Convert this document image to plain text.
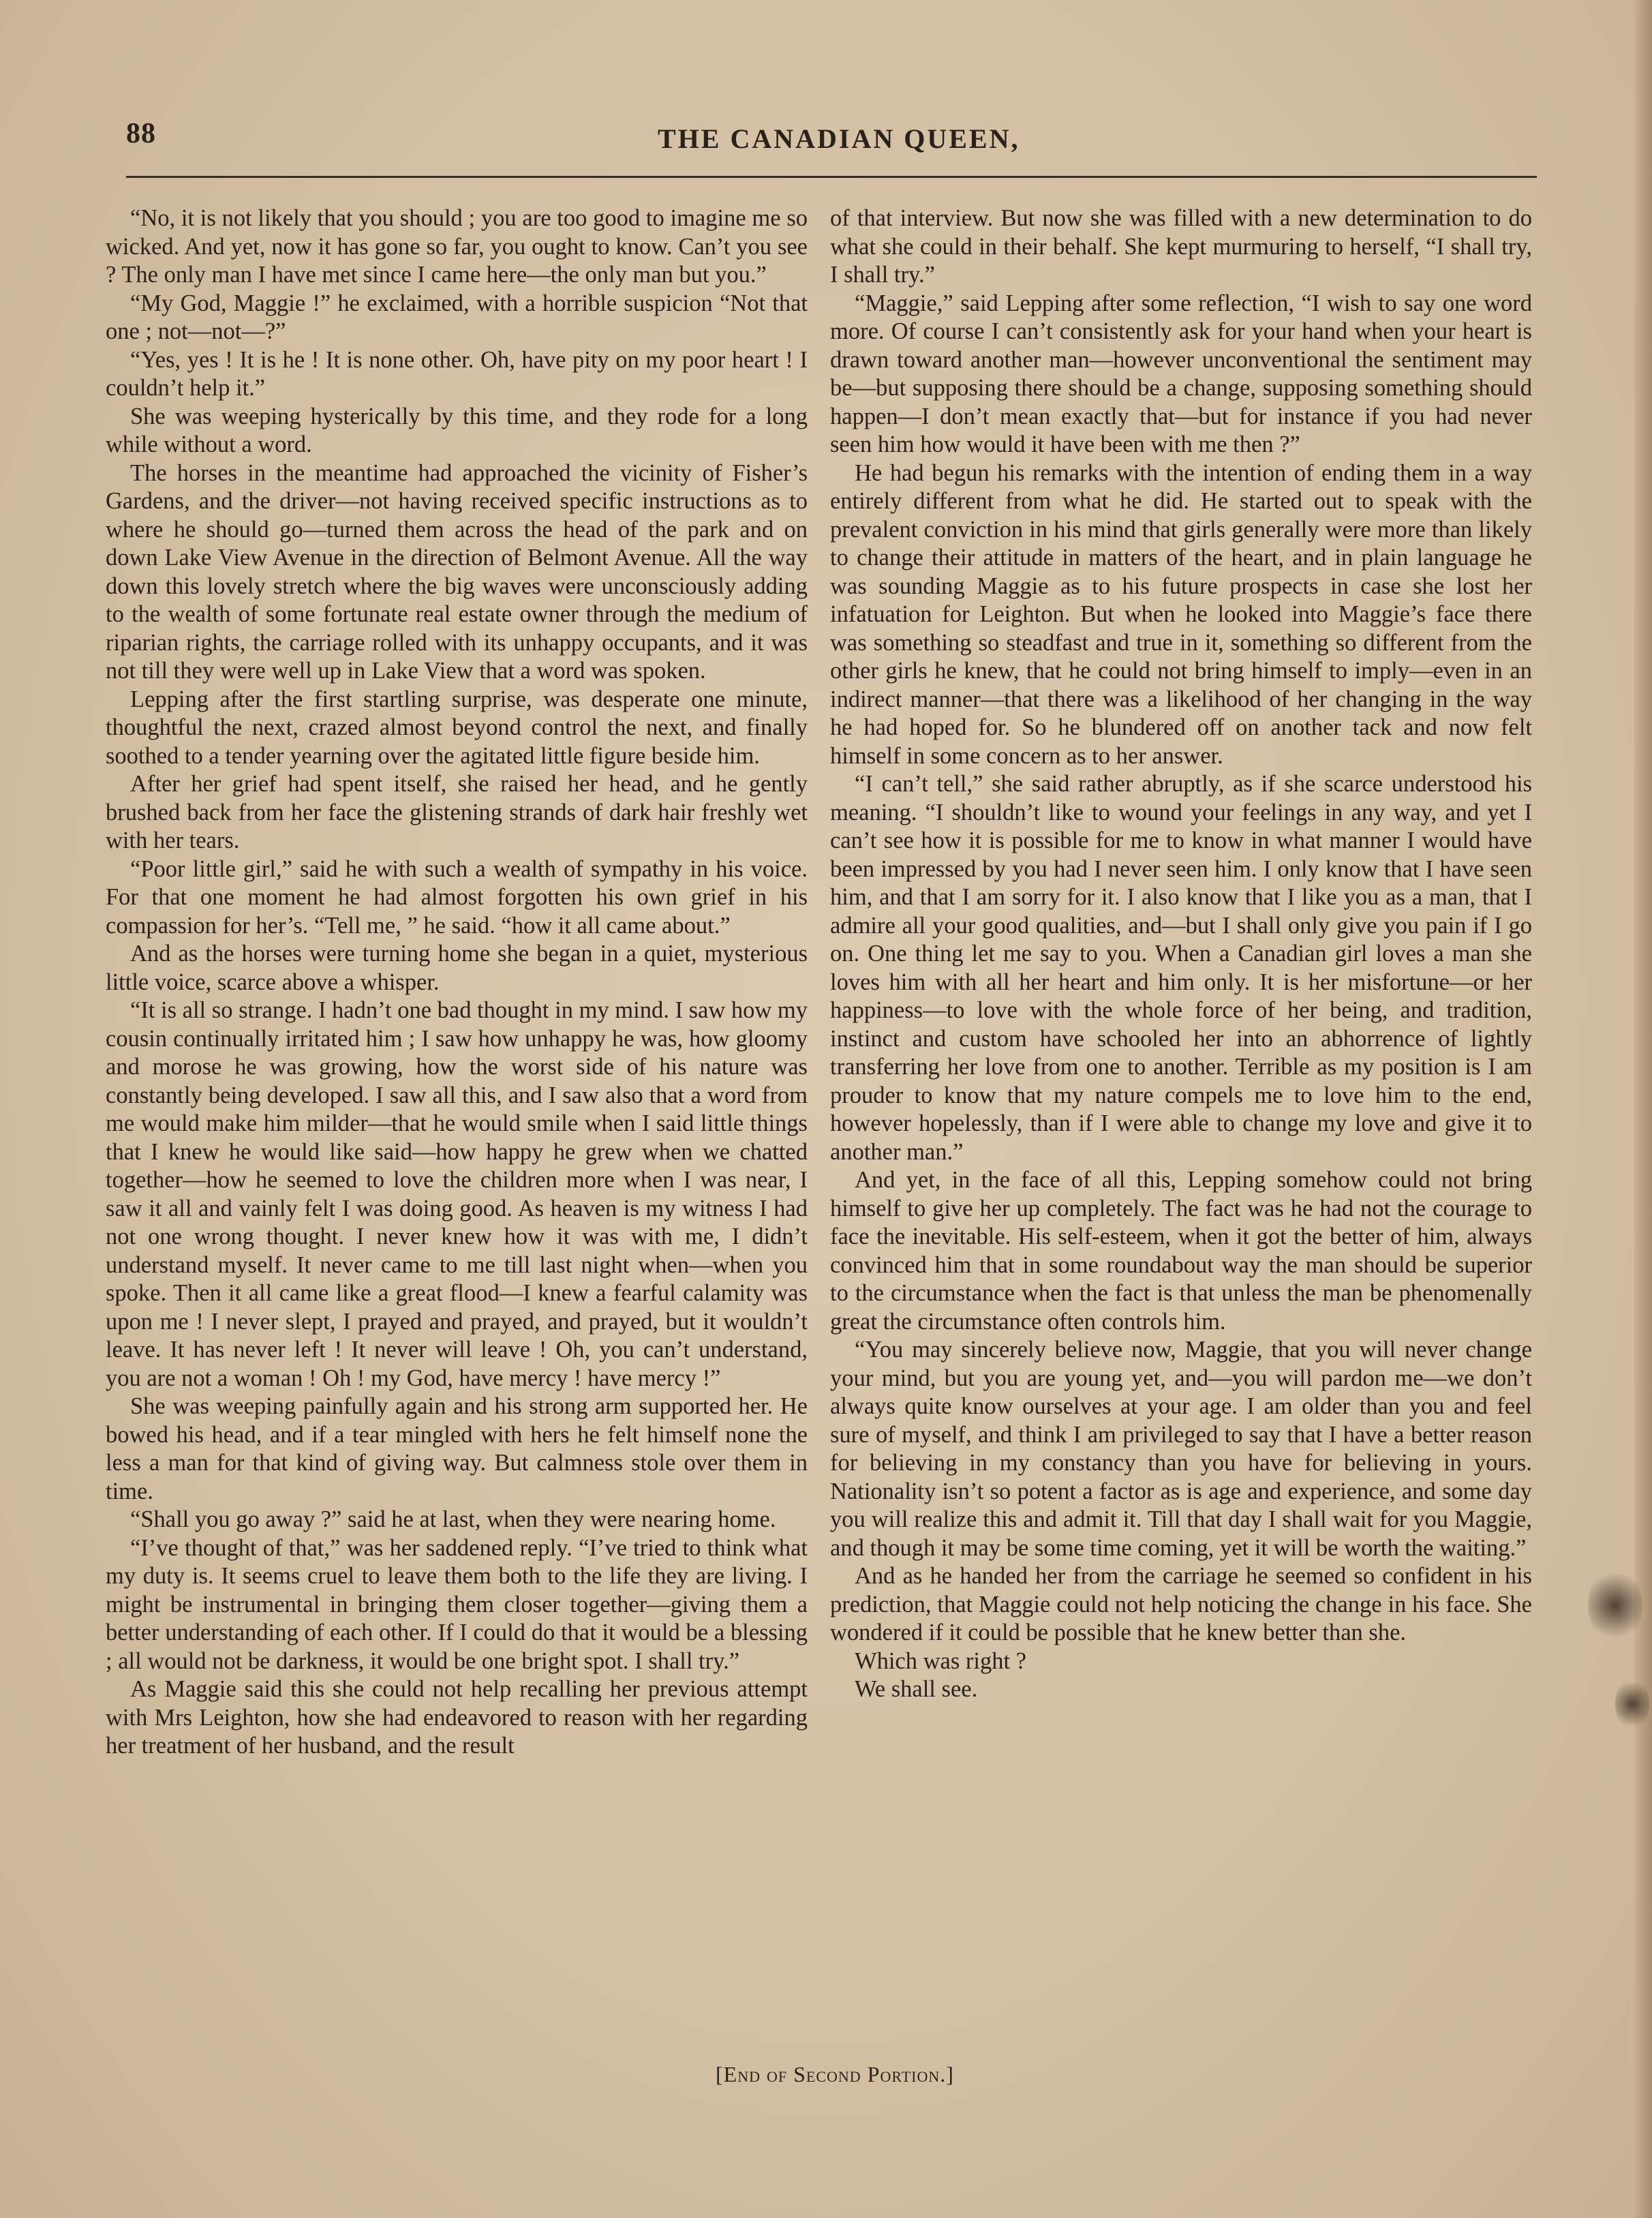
88	THE CANADIAN QUEEN,

“No, it is not likely that you should ; you are too good to imagine me so wicked. And yet, now it has gone so far, you ought to know. Can’t you see ? The only man I have met since I came here—the only man but you.”

“My God, Maggie !” he exclaimed, with a horrible suspicion “Not that one ; not—not—?”

“Yes, yes ! It is he ! It is none other. Oh, have pity on my poor heart ! I couldn’t help it.”

She was weeping hysterically by this time, and they rode for a long while without a word.

The horses in the meantime had approached the vicinity of Fisher’s Gardens, and the driver—not having received specific instructions as to where he should go—turned them across the head of the park and on down Lake View Avenue in the direction of Belmont Avenue. All the way down this lovely stretch where the big waves were unconsciously adding to the wealth of some fortunate real estate owner through the medium of riparian rights, the carriage rolled with its unhappy occupants, and it was not till they were well up in Lake View that a word was spoken.

Lepping after the first startling surprise, was desperate one minute, thoughtful the next, crazed almost beyond control the next, and finally soothed to a tender yearning over the agitated little figure beside him.

After her grief had spent itself, she raised her head, and he gently brushed back from her face the glistening strands of dark hair freshly wet with her tears.

“Poor little girl,” said he with such a wealth of sympathy in his voice. For that one moment he had almost forgotten his own grief in his compassion for her’s. “Tell me, ” he said. “how it all came about.”

And as the horses were turning home she began in a quiet, mysterious little voice, scarce above a whisper.

“It is all so strange. I hadn’t one bad thought in my mind. I saw how my cousin continually irritated him ; I saw how unhappy he was, how gloomy and morose he was growing, how the worst side of his nature was constantly being developed. I saw all this, and I saw also that a word from me would make him milder—that he would smile when I said little things that I knew he would like said—how happy he grew when we chatted together—how he seemed to love the children more when I was near, I saw it all and vainly felt I was doing good. As heaven is my witness I had not one wrong thought. I never knew how it was with me, I didn’t understand myself. It never came to me till last night when—when you spoke. Then it all came like a great flood—I knew a fearful calamity was upon me ! I never slept, I prayed and prayed, and prayed, but it wouldn’t leave. It has never left ! It never will leave ! Oh, you can’t understand, you are not a woman ! Oh ! my God, have mercy ! have mercy !”

She was weeping painfully again and his strong arm supported her. He bowed his head, and if a tear mingled with hers he felt himself none the less a man for that kind of giving way. But calmness stole over them in time.

“Shall you go away ?” said he at last, when they were nearing home.

“I’ve thought of that,” was her saddened reply. “I’ve tried to think what my duty is. It seems cruel to leave them both to the life they are living. I might be instrumental in bringing them closer together—giving them a better understanding of each other. If I could do that it would be a blessing ; all would not be darkness, it would be one bright spot. I shall try.”

As Maggie said this she could not help recalling her previous attempt with Mrs Leighton, how she had endeavored to reason with her regarding her treatment of her husband, and the result

of that interview. But now she was filled with a new determination to do what she could in their behalf. She kept murmuring to herself, “I shall try, I shall try.”

“Maggie,” said Lepping after some reflection, “I wish to say one word more. Of course I can’t consistently ask for your hand when your heart is drawn toward another man—however unconventional the sentiment may be—but supposing there should be a change, supposing something should happen—I don’t mean exactly that—but for instance if you had never seen him how would it have been with me then ?”

He had begun his remarks with the intention of ending them in a way entirely different from what he did. He started out to speak with the prevalent conviction in his mind that girls generally were more than likely to change their attitude in matters of the heart, and in plain language he was sounding Maggie as to his future prospects in case she lost her infatuation for Leighton. But when he looked into Maggie’s face there was something so steadfast and true in it, something so different from the other girls he knew, that he could not bring himself to imply—even in an indirect manner—that there was a likelihood of her changing in the way he had hoped for. So he blundered off on another tack and now felt himself in some concern as to her answer.

“I can’t tell,” she said rather abruptly, as if she scarce understood his meaning. “I shouldn’t like to wound your feelings in any way, and yet I can’t see how it is possible for me to know in what manner I would have been impressed by you had I never seen him. I only know that I have seen him, and that I am sorry for it. I also know that I like you as a man, that I admire all your good qualities, and—but I shall only give you pain if I go on. One thing let me say to you. When a Canadian girl loves a man she loves him with all her heart and him only. It is her misfortune—or her happiness—to love with the whole force of her being, and tradition, instinct and custom have schooled her into an abhorrence of lightly transferring her love from one to another. Terrible as my position is I am prouder to know that my nature compels me to love him to the end, however hopelessly, than if I were able to change my love and give it to another man.”

And yet, in the face of all this, Lepping somehow could not bring himself to give her up completely. The fact was he had not the courage to face the inevitable. His self-esteem, when it got the better of him, always convinced him that in some roundabout way the man should be superior to the circumstance when the fact is that unless the man be phenomenally great the circumstance often controls him.

“You may sincerely believe now, Maggie, that you will never change your mind, but you are young yet, and—you will pardon me—we don’t always quite know ourselves at your age. I am older than you and feel sure of myself, and think I am privileged to say that I have a better reason for believing in my constancy than you have for believing in yours. Nationality isn’t so potent a factor as is age and experience, and some day you will realize this and admit it. Till that day I shall wait for you Maggie, and though it may be some time coming, yet it will be worth the waiting.”

And as he handed her from the carriage he seemed so confident in his prediction, that Maggie could not help noticing the change in his face. She wondered if it could be possible that he knew better than she.

Which was right ?

We shall see.

[End of Second Portion.]
